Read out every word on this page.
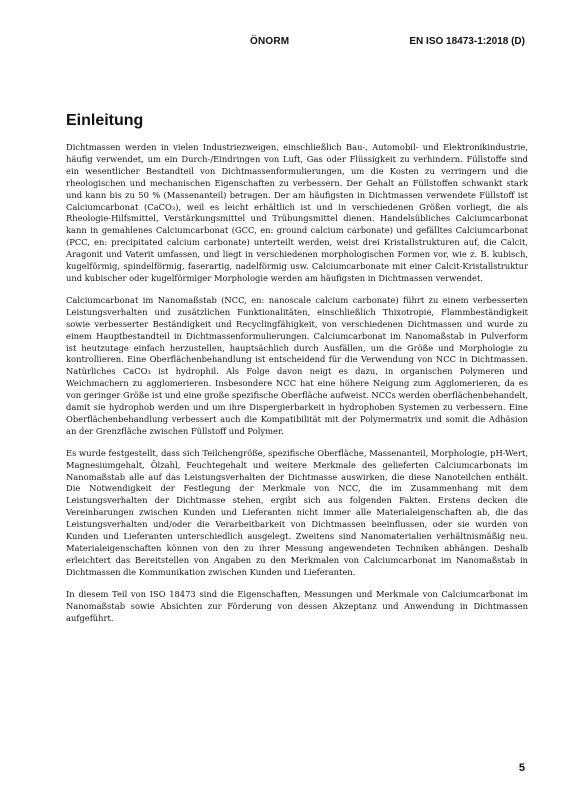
ÖNORM	EN ISO 18473-1:2018 (D)
Einleitung

Dichtmassen werden in vielen Industriezweigen, einschließlich Bau-, Automobil- und Elektronikindustrie, häufig verwendet, um ein Durch-/Eindringen von Luft, Gas oder Flüssigkeit zu verhindern. Füllstoffe sind ein wesentlicher Bestandteil von Dichtmassenformulierungen, um die Kosten zu verringern und die rheologischen und mechanischen Eigenschaften zu verbessern. Der Gehalt an Füllstoffen schwankt stark und kann bis zu 50 % (Massenanteil) betragen. Der am häufigsten in Dichtmassen verwendete Füllstoff ist Calciumcarbonat (CaCO₃), weil es leicht erhältlich ist und in verschiedenen Größen vorliegt, die als Rheologie-Hilfsmittel, Verstärkungsmittel und Trübungsmittel dienen. Handelsübliches Calciumcarbonat kann in gemahlenes Calciumcarbonat (GCC, en: ground calcium carbonate) und gefälltes Calciumcarbonat (PCC, en: precipitated calcium carbonate) unterteilt werden, weist drei Kristallstrukturen auf, die Calcit, Aragonit und Vaterit umfassen, und liegt in verschiedenen morphologischen Formen vor, wie z. B. kubisch, kugelförmig, spindelförmig, faserartig, nadelförmig usw. Calciumcarbonate mit einer Calcit-Kristallstruktur und kubischer oder kugelförmiger Morphologie werden am häufigsten in Dichtmassen verwendet.

Calciumcarbonat im Nanomaßstab (NCC, en: nanoscale calcium carbonate) führt zu einem verbesserten Leistungsverhalten und zusätzlichen Funktionalitäten, einschließlich Thixotropie, Flammbeständigkeit sowie verbesserter Beständigkeit und Recyclingfähigkeit, von verschiedenen Dichtmassen und wurde zu einem Hauptbestandteil in Dichtmassenformulierungen. Calciumcarbonat im Nanomaßstab in Pulverform ist heutzutage einfach herzustellen, hauptsächlich durch Ausfällen, um die Größe und Morphologie zu kontrollieren. Eine Oberflächenbehandlung ist entscheidend für die Verwendung von NCC in Dichtmassen. Natürliches CaCO₃ ist hydrophil. Als Folge davon neigt es dazu, in organischen Polymeren und Weichmachern zu agglomerieren. Insbesondere NCC hat eine höhere Neigung zum Agglomerieren, da es von geringer Größe ist und eine große spezifische Oberfläche aufweist. NCCs werden oberflächenbehandelt, damit sie hydrophob werden und um ihre Dispergierbarkeit in hydrophoben Systemen zu verbessern. Eine Oberflächenbehandlung verbessert auch die Kompatibilität mit der Polymermatrix und somit die Adhäsion an der Grenzfläche zwischen Füllstoff und Polymer.

Es wurde festgestellt, dass sich Teilchengröße, spezifische Oberfläche, Massenanteil, Morphologie, pH-Wert, Magnesiumgehalt, Ölzahl, Feuchtegehalt und weitere Merkmale des gelieferten Calciumcarbonats im Nanomaßstab alle auf das Leistungsverhalten der Dichtmasse auswirken, die diese Nanoteilchen enthält. Die Notwendigkeit der Festlegung der Merkmale von NCC, die im Zusammenhang mit dem Leistungsverhalten der Dichtmasse stehen, ergibt sich aus folgenden Fakten. Erstens decken die Vereinbarungen zwischen Kunden und Lieferanten nicht immer alle Materialeigenschaften ab, die das Leistungsverhalten und/oder die Verarbeitbarkeit von Dichtmassen beeinflussen, oder sie wurden von Kunden und Lieferanten unterschiedlich ausgelegt. Zweitens sind Nanomaterialien verhältnismäßig neu. Materialeigenschaften können von den zu ihrer Messung angewendeten Techniken abhängen. Deshalb erleichtert das Bereitstellen von Angaben zu den Merkmalen von Calciumcarbonat im Nanomaßstab in Dichtmassen die Kommunikation zwischen Kunden und Lieferanten.

In diesem Teil von ISO 18473 sind die Eigenschaften, Messungen und Merkmale von Calciumcarbonat im Nanomaßstab sowie Absichten zur Förderung von dessen Akzeptanz und Anwendung in Dichtmassen aufgeführt.

5
